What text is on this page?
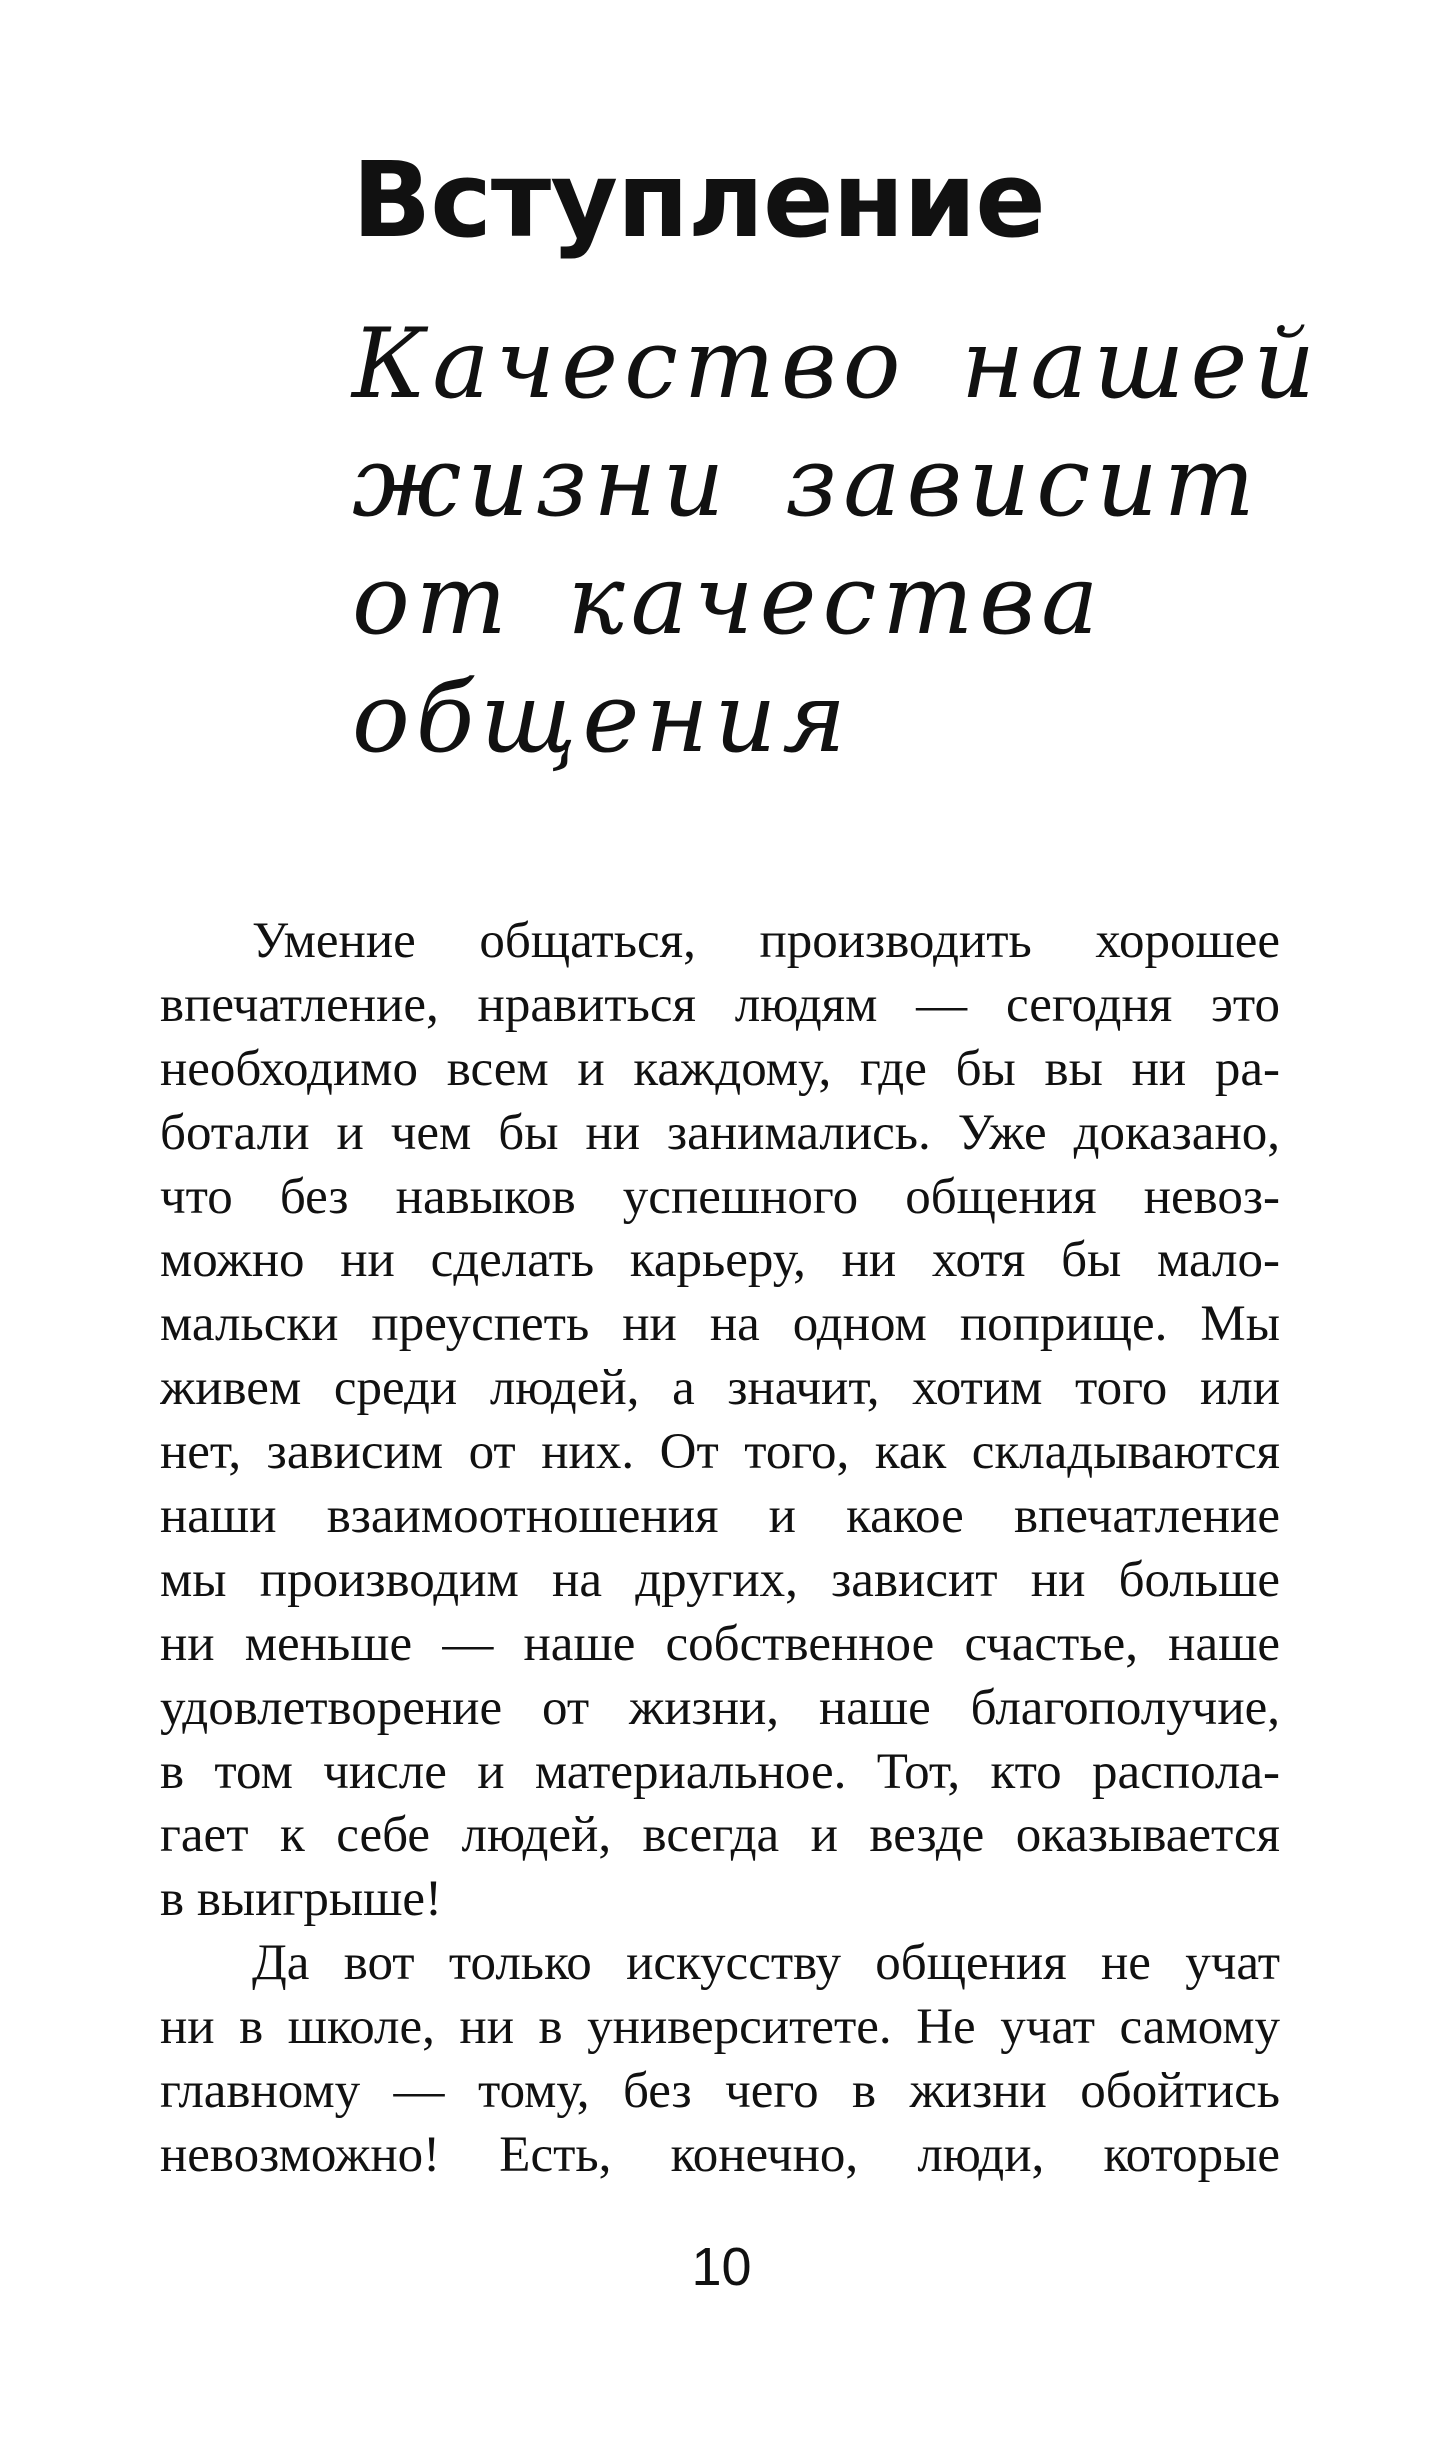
Вступление
Качество нашей
жизни зависит
от качества
общения
Умение общаться, производить хорошее
впечатление, нравиться людям — сегодня это
необходимо всем и каждому, где бы вы ни ра-
ботали и чем бы ни занимались. Уже доказано,
что без навыков успешного общения невоз-
можно ни сделать карьеру, ни хотя бы мало-
мальски преуспеть ни на одном поприще. Мы
живем среди людей, а значит, хотим того или
нет, зависим от них. От того, как складываются
наши взаимоотношения и какое впечатление
мы производим на других, зависит ни больше
ни меньше — наше собственное счастье, наше
удовлетворение от жизни, наше благополучие,
в том числе и материальное. Тот, кто распола-
гает к себе людей, всегда и везде оказывается
в выигрыше!
Да вот только искусству общения не учат
ни в школе, ни в университете. Не учат самому
главному — тому, без чего в жизни обойтись
невозможно! Есть, конечно, люди, которые
10
